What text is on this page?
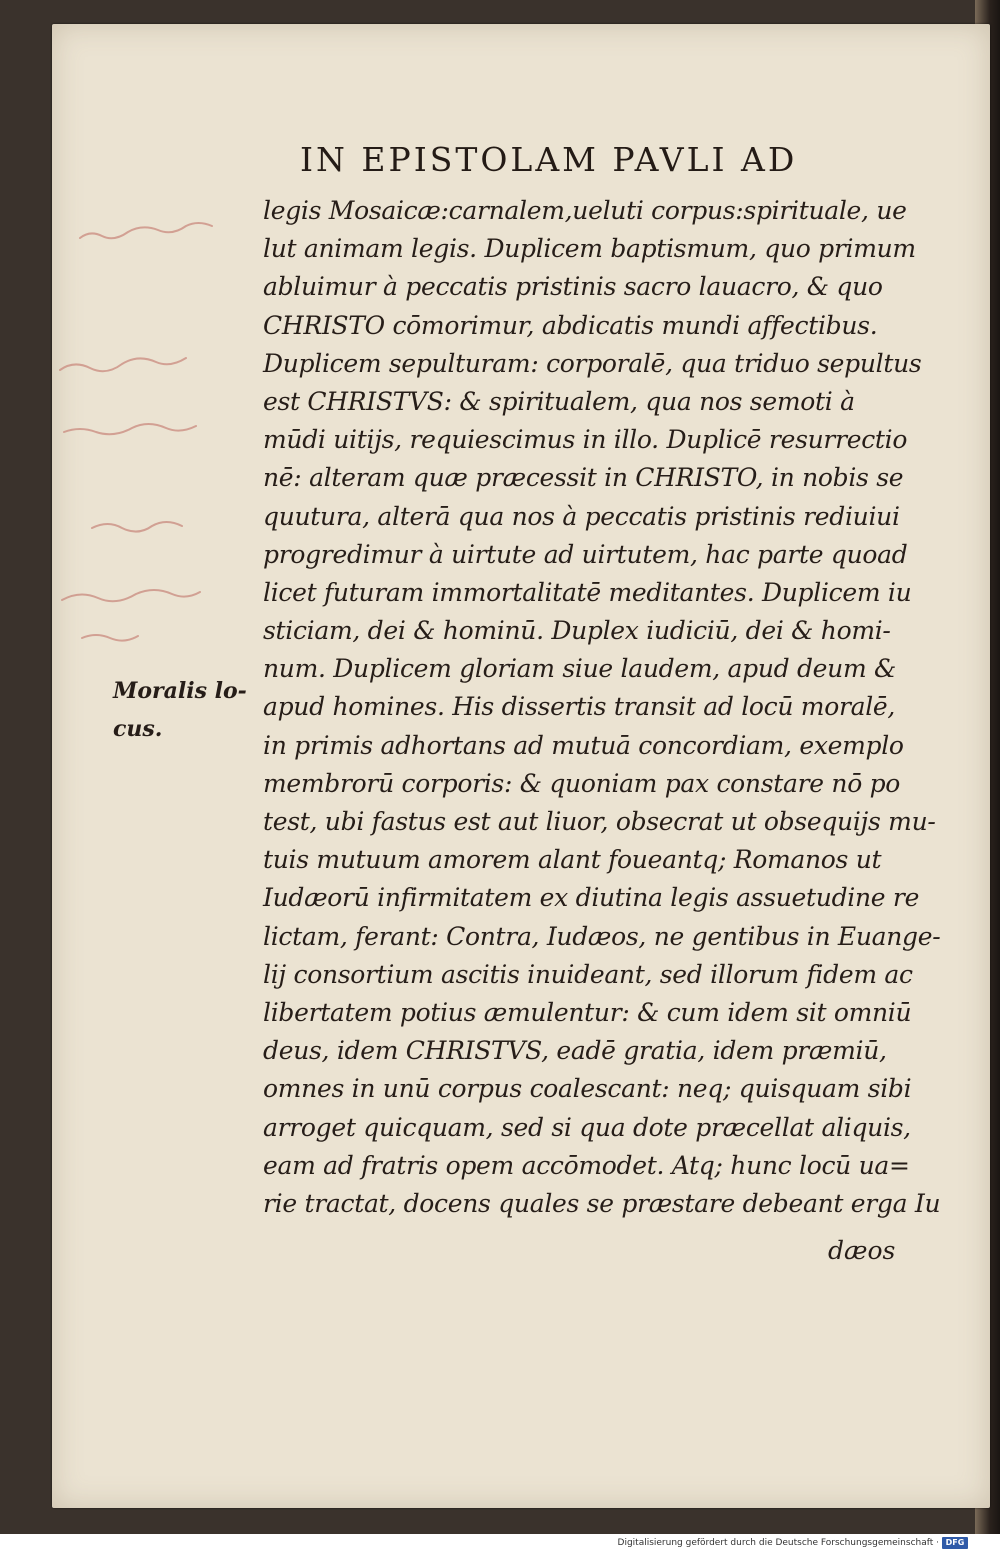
IN EPISTOLAM PAVLI AD
Moralis lo-cus.
legis Mosaicæ:carnalem,ueluti corpus:spirituale, ue
lut animam legis. Duplicem baptismum, quo primum
abluimur à peccatis pristinis sacro lauacro, & quo
CHRISTO cōmorimur, abdicatis mundi affectibus.
Duplicem sepulturam: corporalē, qua triduo sepultus
est CHRISTVS: & spiritualem, qua nos semoti à
mūdi uitijs, requiescimus in illo. Duplicē resurrectio
nē: alteram quæ præcessit in CHRISTO, in nobis se
quutura, alterā qua nos à peccatis pristinis rediuiui
progredimur à uirtute ad uirtutem, hac parte quoad
licet futuram immortalitatē meditantes. Duplicem iu
sticiam, dei & hominū. Duplex iudiciū, dei & homi-
num. Duplicem gloriam siue laudem, apud deum &
apud homines. His dissertis transit ad locū moralē,
in primis adhortans ad mutuā concordiam, exemplo
membrorū corporis: & quoniam pax constare nō po
test, ubi fastus est aut liuor, obsecrat ut obsequijs mu-
tuis mutuum amorem alant foueantq; Romanos ut
Iudæorū infirmitatem ex diutina legis assuetudine re
lictam, ferant: Contra, Iudæos, ne gentibus in Euange-
lij consortium ascitis inuideant, sed illorum fidem ac
libertatem potius æmulentur: & cum idem sit omniū
deus, idem CHRISTVS, eadē gratia, idem præmiū,
omnes in unū corpus coalescant: neq; quisquam sibi
arroget quicquam, sed si qua dote præcellat aliquis,
eam ad fratris opem accōmodet. Atq; hunc locū ua=
rie tractat, docens quales se præstare debeant erga Iu
dæos
Digitalisierung gefördert durch die Deutsche Forschungsgemeinschaft · DFG
